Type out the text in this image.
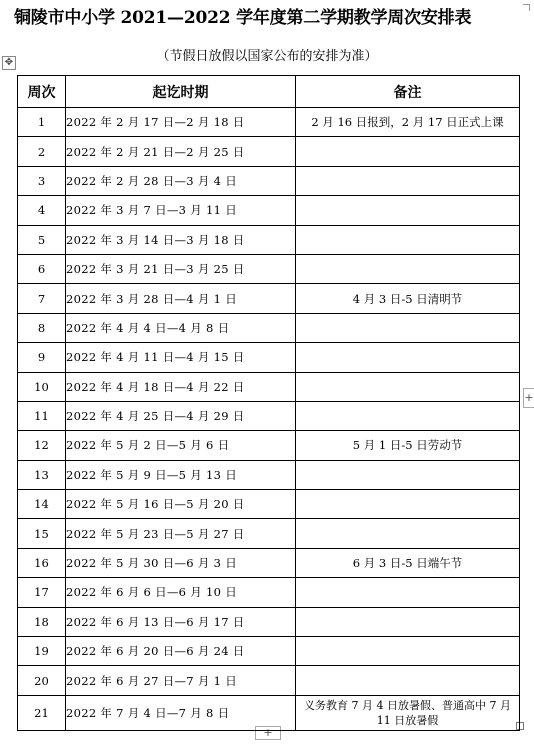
铜陵市中小学 2021—2022 学年度第二学期教学周次安排表
（节假日放假以国家公布的安排为准）
✥
+
+
周次	起讫时期	备注
1	2022 年 2 月 17 日—2 月 18 日	2 月 16 日报到，2 月 17 日正式上课
2	2022 年 2 月 21 日—2 月 25 日	
3	2022 年 2 月 28 日—3 月 4 日	
4	2022 年 3 月 7 日—3 月 11 日	
5	2022 年 3 月 14 日—3 月 18 日	
6	2022 年 3 月 21 日—3 月 25 日	
7	2022 年 3 月 28 日—4 月 1 日	4 月 3 日-5 日清明节
8	2022 年 4 月 4 日—4 月 8 日	
9	2022 年 4 月 11 日—4 月 15 日	
10	2022 年 4 月 18 日—4 月 22 日	
11	2022 年 4 月 25 日—4 月 29 日	
12	2022 年 5 月 2 日—5 月 6 日	5 月 1 日-5 日劳动节
13	2022 年 5 月 9 日—5 月 13 日	
14	2022 年 5 月 16 日—5 月 20 日	
15	2022 年 5 月 23 日—5 月 27 日	
16	2022 年 5 月 30 日—6 月 3 日	6 月 3 日-5 日端午节
17	2022 年 6 月 6 日—6 月 10 日	
18	2022 年 6 月 13 日—6 月 17 日	
19	2022 年 6 月 20 日—6 月 24 日	
20	2022 年 6 月 27 日—7 月 1 日	
21	2022 年 7 月 4 日—7 月 8 日	义务教育 7 月 4 日放暑假、普通高中 7 月 11 日放暑假
